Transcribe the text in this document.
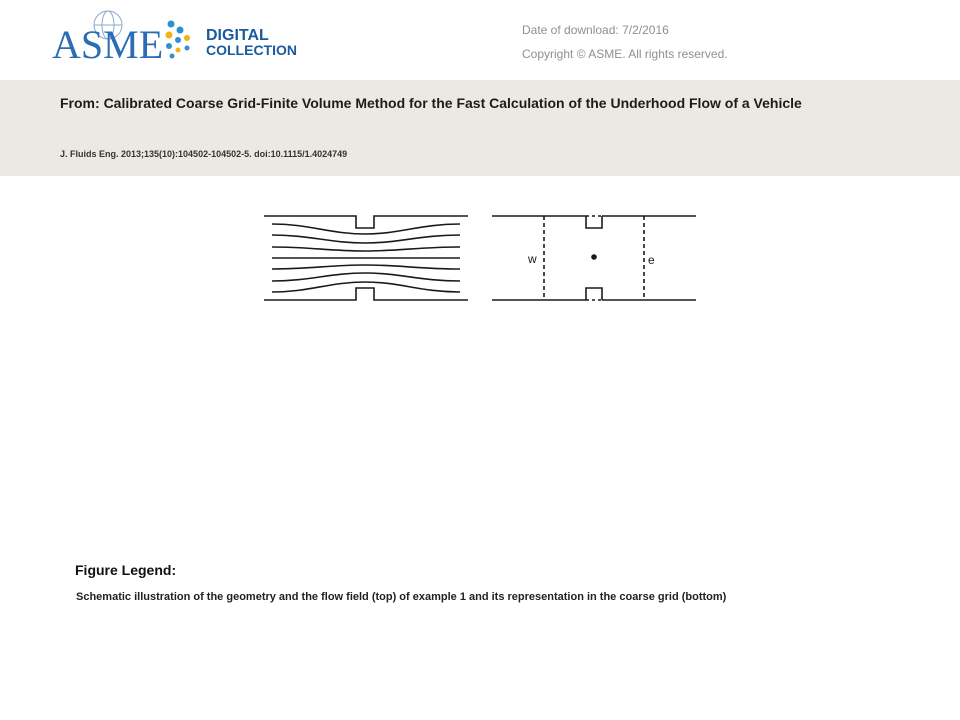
ASME	DIGITAL
COLLECTION
Date of download: 7/2/2016
Copyright © ASME. All rights reserved.
From: Calibrated Coarse Grid-Finite Volume Method for the Fast Calculation of the Underhood Flow of a Vehicle
J. Fluids Eng. 2013;135(10):104502-104502-5. doi:10.1115/1.4024749
w	e
Figure Legend:
Schematic illustration of the geometry and the flow field (top) of example 1 and its representation in the coarse grid (bottom)
